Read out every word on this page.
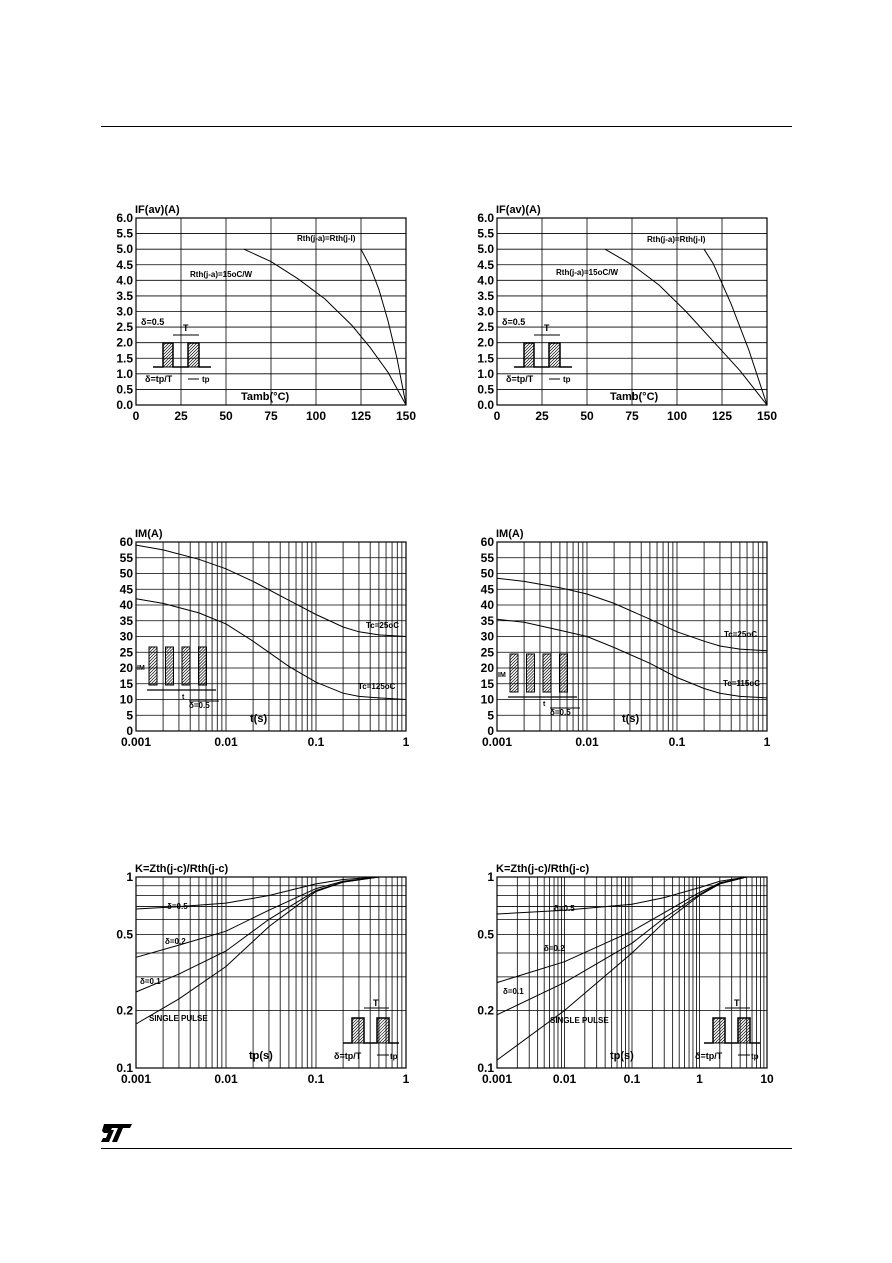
0	25	50	75 100 125 150
0.0
0.5
1.0
1.5
2.0
2.5
3.0
3.5
4.0
4.5
5.0
5.5
6.0
IF(av)(A)
Tamb(°C)
Rth(j-a)=Rth(j-l)
Rth(j-a)=15oC/W
δ=0.5
T
δ=tp/T	tp
0	25	50	75 100 125 150
0.0
0.5
1.0
1.5
2.0
2.5
3.0
3.5
4.0
4.5
5.0
5.5
6.0
IF(av)(A)
Tamb(°C)
Rth(j-a)=Rth(j-l)
Rth(j-a)=15oC/W
δ=0.5
T
δ=tp/T	tp
0.001	0.01	0.1	1
0
5
10
15
20
25
30
35
40
45
50
55
60
IM(A)
t(s)
Tc=25oC
Tc=125oC
IM
t
δ=0.5
0.001	0.01	0.1	1
0
5
10
15
20
25
30
35
40
45
50
55
60
IM(A)
t(s)
Tc=25oC
Tc=115oC
IM
t
δ=0.5
0.001	0.01	0.1	1
0.1
0.2
0.5
1
K=Zth(j-c)/Rth(j-c)
tp(s)
δ=0.5
δ=0.2
δ=0.1
SINGLE PULSE
T
δ=tp/T	tp
0.001	0.01	0.1	1	10
0.1
0.2
0.5
1
K=Zth(j-c)/Rth(j-c)
tp(s)
δ=0.5
δ=0.2
δ=0.1
SINGLE PULSE
T
δ=tp/T	tp
